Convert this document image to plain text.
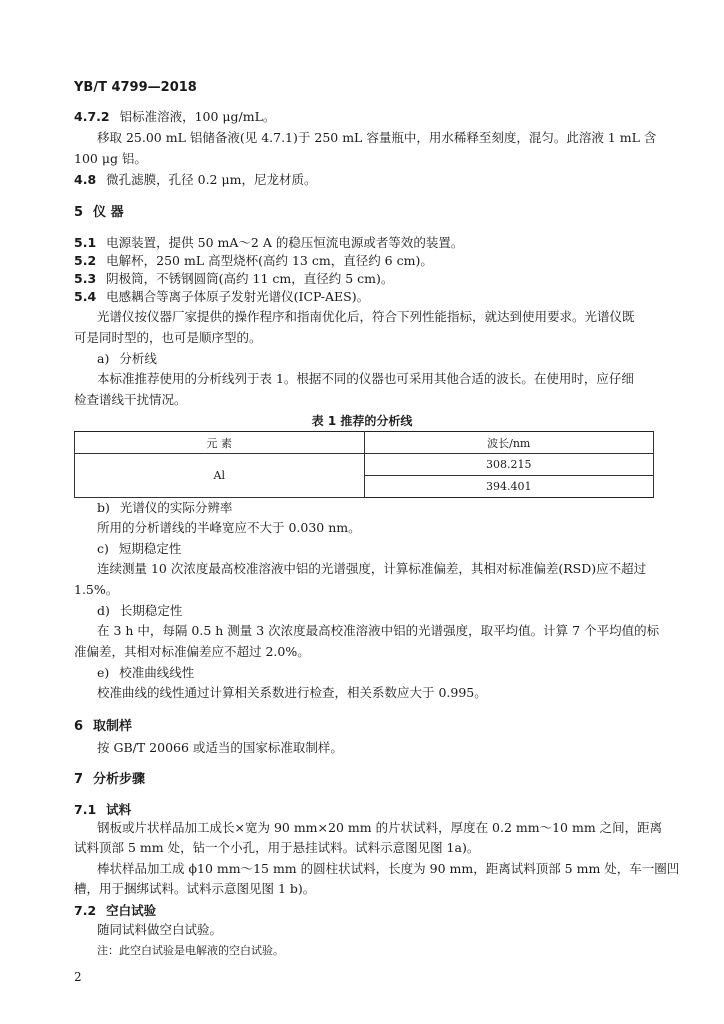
YB/T 4799—2018
4.7.2 铝标准溶液，100 μg/mL。
移取 25.00 mL 铝储备液(见 4.7.1)于 250 mL 容量瓶中，用水稀释至刻度，混匀。此溶液 1 mL 含
100 μg 铝。
4.8 微孔滤膜，孔径 0.2 μm，尼龙材质。
5 仪 器
5.1 电源装置，提供 50 mA～2 A 的稳压恒流电源或者等效的装置。
5.2 电解杯，250 mL 高型烧杯(高约 13 cm，直径约 6 cm)。
5.3 阴极筒，不锈钢圆筒(高约 11 cm，直径约 5 cm)。
5.4 电感耦合等离子体原子发射光谱仪(ICP-AES)。
光谱仪按仪器厂家提供的操作程序和指南优化后，符合下列性能指标，就达到使用要求。光谱仪既
可是同时型的，也可是顺序型的。
a) 分析线
本标准推荐使用的分析线列于表 1。根据不同的仪器也可采用其他合适的波长。在使用时，应仔细
检查谱线干扰情况。
表 1 推荐的分析线
元 素	波长/nm
Al	308.215
	394.401
b) 光谱仪的实际分辨率
所用的分析谱线的半峰宽应不大于 0.030 nm。
c) 短期稳定性
连续测量 10 次浓度最高校准溶液中铝的光谱强度，计算标准偏差，其相对标准偏差(RSD)应不超过
1.5%。
d) 长期稳定性
在 3 h 中，每隔 0.5 h 测量 3 次浓度最高校准溶液中铝的光谱强度，取平均值。计算 7 个平均值的标
准偏差，其相对标准偏差应不超过 2.0%。
e) 校准曲线线性
校准曲线的线性通过计算相关系数进行检查，相关系数应大于 0.995。
6 取制样
按 GB/T 20066 或适当的国家标准取制样。
7 分析步骤
7.1 试料
钢板或片状样品加工成长×宽为 90 mm×20 mm 的片状试料，厚度在 0.2 mm～10 mm 之间，距离
试料顶部 5 mm 处，钻一个小孔，用于悬挂试料。试料示意图见图 1a)。
棒状样品加工成 ϕ10 mm～15 mm 的圆柱状试料，长度为 90 mm，距离试料顶部 5 mm 处，车一圈凹
槽，用于捆绑试料。试料示意图见图 1 b)。
7.2 空白试验
随同试料做空白试验。
注：此空白试验是电解液的空白试验。
2
